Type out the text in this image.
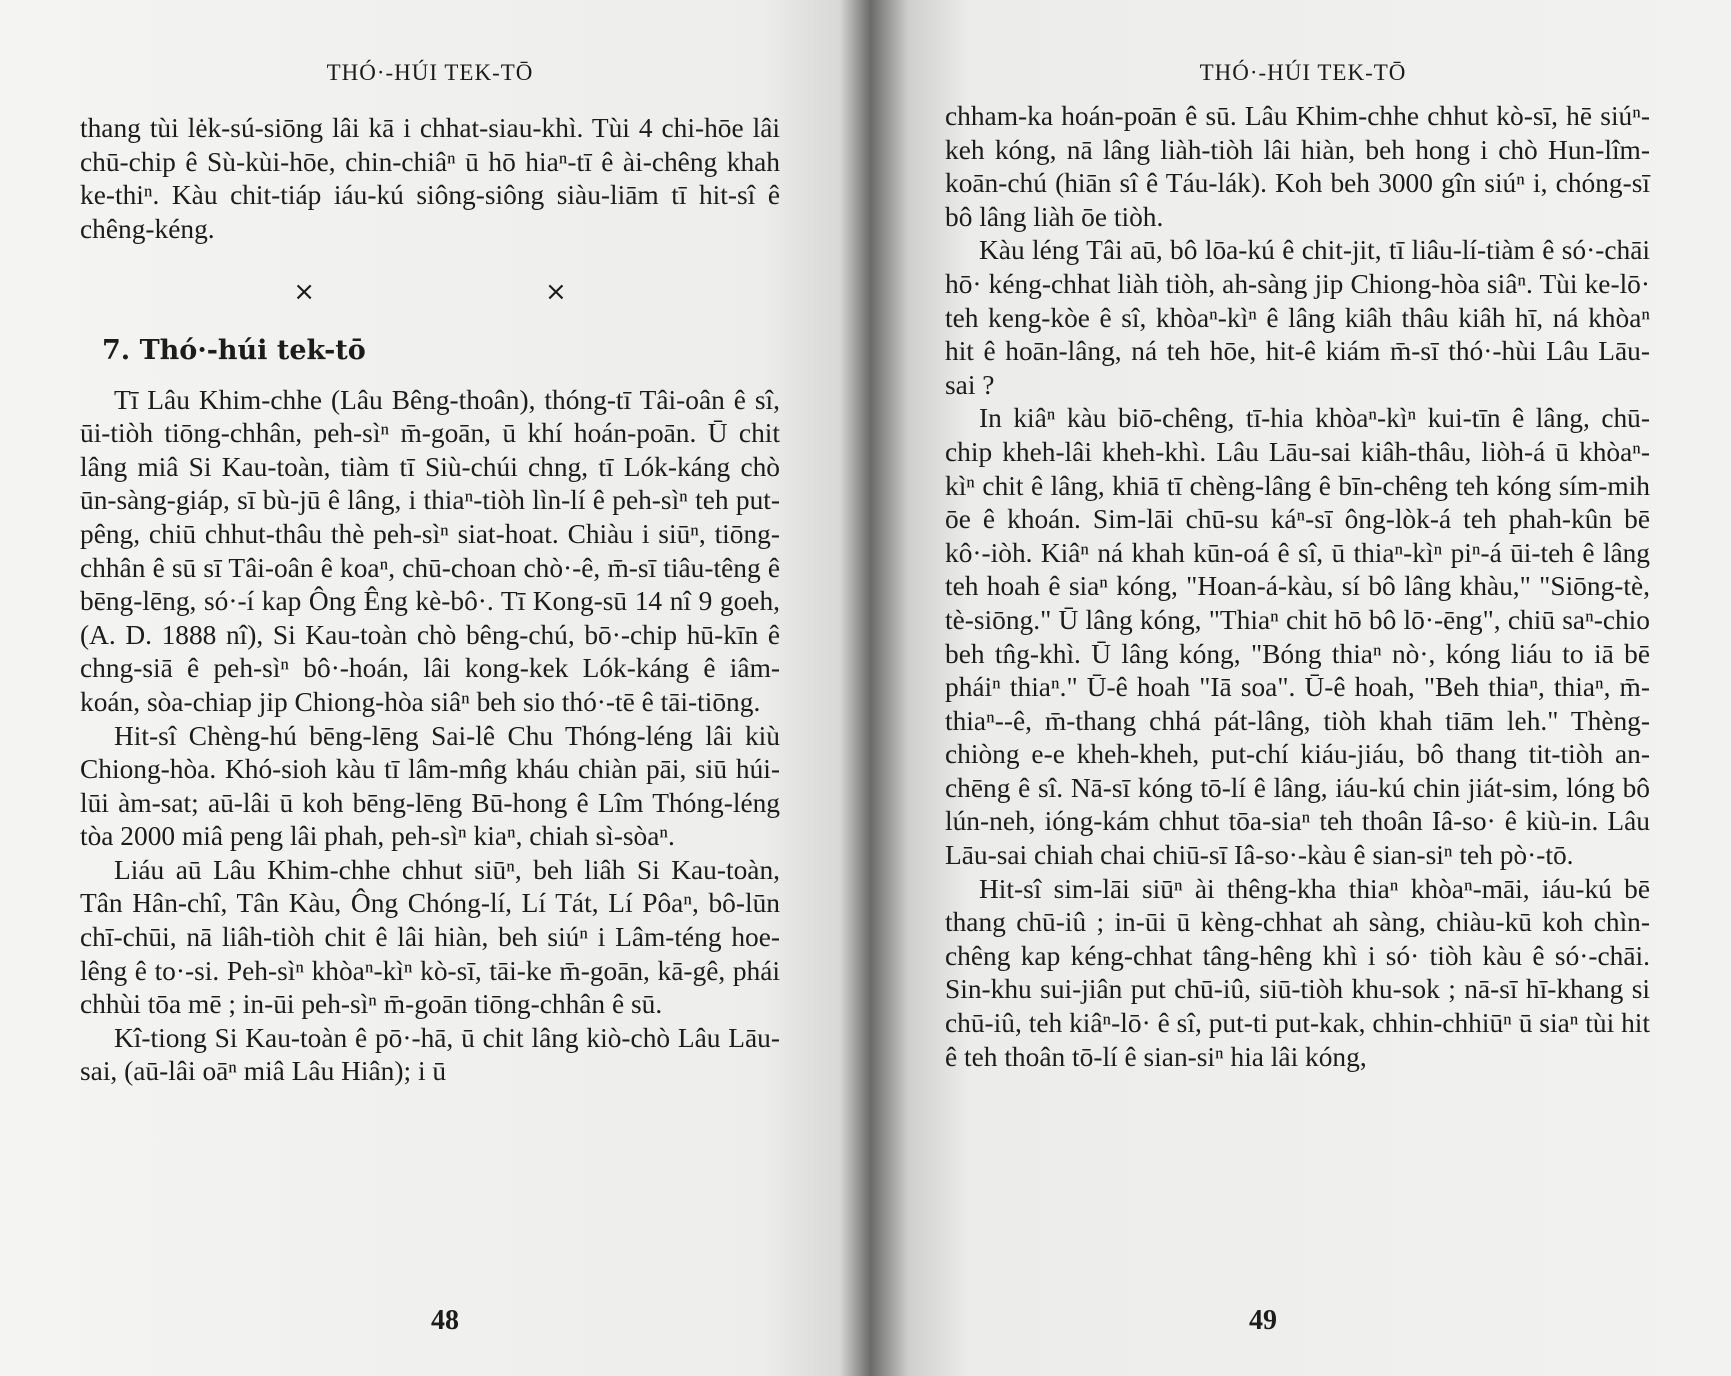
THÓ·-HÚI TEK-TŌ

thang tùi lėk-sú-siōng lâi kā i chhat-siau-khì. Tùi 4 chi-hōe lâi chū-chip ê Sù-kùi-hōe, chin-chiâⁿ ū hō hiaⁿ-tī ê ài-chêng khah ke-thiⁿ. Kàu chit-tiáp iáu-kú siông-siông siàu-liām tī hit-sî ê chêng-kéng.

×	×
7. Thó·-húi tek-tō

Tī Lâu Khim-chhe (Lâu Bêng-thoân), thóng-tī Tâi-oân ê sî, ūi-tiòh tiōng-chhân, peh-sìⁿ m̄-goān, ū khí hoán-poān. Ū chit lâng miâ Si Kau-toàn, tiàm tī Siù-chúi chng, tī Lók-káng chò ūn-sàng-giáp, sī bù-jū ê lâng, i thiaⁿ-tiòh lìn-lí ê peh-sìⁿ teh put-pêng, chiū chhut-thâu thè peh-sìⁿ siat-hoat. Chiàu i siūⁿ, tiōng-chhân ê sū sī Tâi-oân ê koaⁿ, chū-choan chò·-ê, m̄-sī tiâu-têng ê bēng-lēng, só·-í kap Ông Êng kè-bô·. Tī Kong-sū 14 nî 9 goeh, (A. D. 1888 nî), Si Kau-toàn chò bêng-chú, bō·-chip hū-kīn ê chng-siā ê peh-sìⁿ bô·-hoán, lâi kong-kek Lók-káng ê iâm-koán, sòa-chiap jip Chiong-hòa siâⁿ beh sio thó·-tē ê tāi-tiōng.

Hit-sî Chèng-hú bēng-lēng Sai-lê Chu Thóng-léng lâi kiù Chiong-hòa. Khó-sioh kàu tī lâm-mn̂g kháu chiàn pāi, siū húi-lūi àm-sat; aū-lâi ū koh bēng-lēng Bū-hong ê Lîm Thóng-léng tòa 2000 miâ peng lâi phah, peh-sìⁿ kiaⁿ, chiah sì-sòaⁿ.

Liáu aū Lâu Khim-chhe chhut siūⁿ, beh liâh Si Kau-toàn, Tân Hân-chî, Tân Kàu, Ông Chóng-lí, Lí Tát, Lí Pôaⁿ, bô-lūn chī-chūi, nā liâh-tiòh chit ê lâi hiàn, beh siúⁿ i Lâm-téng hoe-lêng ê to·-si. Peh-sìⁿ khòaⁿ-kìⁿ kò-sī, tāi-ke m̄-goān, kā-gê, phái chhùi tōa mē ; in-ūi peh-sìⁿ m̄-goān tiōng-chhân ê sū.

Kî-tiong Si Kau-toàn ê pō·-hā, ū chit lâng kiò-chò Lâu Lāu-sai, (aū-lâi oāⁿ miâ Lâu Hiân); i ū

48
THÓ·-HÚI TEK-TŌ

chham-ka hoán-poān ê sū. Lâu Khim-chhe chhut kò-sī, hē siúⁿ-keh kóng, nā lâng liàh-tiòh lâi hiàn, beh hong i chò Hun-lîm-koān-chú (hiān sî ê Táu-lák). Koh beh 3000 gîn siúⁿ i, chóng-sī bô lâng liàh ōe tiòh.

Kàu léng Tâi aū, bô lōa-kú ê chit-jit, tī liâu-lí-tiàm ê só·-chāi hō· kéng-chhat liàh tiòh, ah-sàng jip Chiong-hòa siâⁿ. Tùi ke-lō· teh keng-kòe ê sî, khòaⁿ-kìⁿ ê lâng kiâh thâu kiâh hī, ná khòaⁿ hit ê hoān-lâng, ná teh hōe, hit-ê kiám m̄-sī thó·-hùi Lâu Lāu-sai ?

In kiâⁿ kàu biō-chêng, tī-hia khòaⁿ-kìⁿ kui-tīn ê lâng, chū-chip kheh-lâi kheh-khì. Lâu Lāu-sai kiâh-thâu, liòh-á ū khòaⁿ-kìⁿ chit ê lâng, khiā tī chèng-lâng ê bīn-chêng teh kóng sím-mih ōe ê khoán. Sim-lāi chū-su káⁿ-sī ông-lòk-á teh phah-kûn bē kô·-iòh. Kiâⁿ ná khah kūn-oá ê sî, ū thiaⁿ-kìⁿ piⁿ-á ūi-teh ê lâng teh hoah ê siaⁿ kóng, "Hoan-á-kàu, sí bô lâng khàu," "Siōng-tè, tè-siōng." Ū lâng kóng, "Thiaⁿ chit hō bô lō·-ēng", chiū saⁿ-chio beh tn̂g-khì. Ū lâng kóng, "Bóng thiaⁿ nò·, kóng liáu to iā bē pháiⁿ thiaⁿ." Ū-ê hoah "Iā soa". Ū-ê hoah, "Beh thiaⁿ, thiaⁿ, m̄-thiaⁿ--ê, m̄-thang chhá pát-lâng, tiòh khah tiām leh." Thèng-chiòng e-e kheh-kheh, put-chí kiáu-jiáu, bô thang tit-tiòh an-chēng ê sî. Nā-sī kóng tō-lí ê lâng, iáu-kú chin jiát-sim, lóng bô lún-neh, ióng-kám chhut tōa-siaⁿ teh thoân Iâ-so· ê kiù-in. Lâu Lāu-sai chiah chai chiū-sī Iâ-so·-kàu ê sian-siⁿ teh pò·-tō.

Hit-sî sim-lāi siūⁿ ài thêng-kha thiaⁿ khòaⁿ-māi, iáu-kú bē thang chū-iû ; in-ūi ū kèng-chhat ah sàng, chiàu-kū koh chìn-chêng kap kéng-chhat tâng-hêng khì i só· tiòh kàu ê só·-chāi. Sin-khu sui-jiân put chū-iû, siū-tiòh khu-sok ; nā-sī hī-khang si chū-iû, teh kiâⁿ-lō· ê sî, put-ti put-kak, chhin-chhiūⁿ ū siaⁿ tùi hit ê teh thoân tō-lí ê sian-siⁿ hia lâi kóng,

49
